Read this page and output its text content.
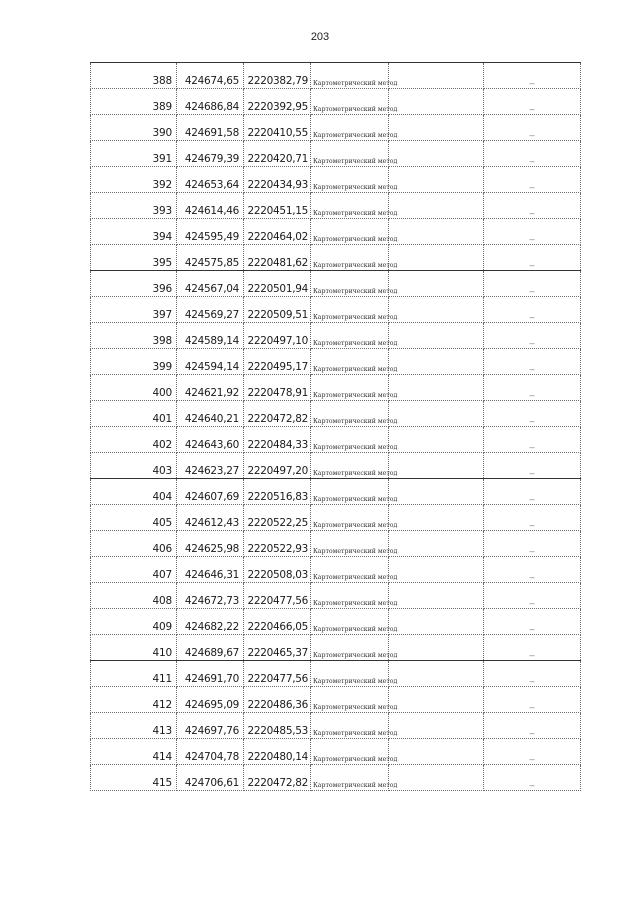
203
388	424674,65	2220382,79	Картометрический метод		–
389	424686,84	2220392,95	Картометрический метод		–
390	424691,58	2220410,55	Картометрический метод		–
391	424679,39	2220420,71	Картометрический метод		–
392	424653,64	2220434,93	Картометрический метод		–
393	424614,46	2220451,15	Картометрический метод		–
394	424595,49	2220464,02	Картометрический метод		–
395	424575,85	2220481,62	Картометрический метод		–
396	424567,04	2220501,94	Картометрический метод		–
397	424569,27	2220509,51	Картометрический метод		–
398	424589,14	2220497,10	Картометрический метод		–
399	424594,14	2220495,17	Картометрический метод		–
400	424621,92	2220478,91	Картометрический метод		–
401	424640,21	2220472,82	Картометрический метод		–
402	424643,60	2220484,33	Картометрический метод		–
403	424623,27	2220497,20	Картометрический метод		–
404	424607,69	2220516,83	Картометрический метод		–
405	424612,43	2220522,25	Картометрический метод		–
406	424625,98	2220522,93	Картометрический метод		–
407	424646,31	2220508,03	Картометрический метод		–
408	424672,73	2220477,56	Картометрический метод		–
409	424682,22	2220466,05	Картометрический метод		–
410	424689,67	2220465,37	Картометрический метод		–
411	424691,70	2220477,56	Картометрический метод		–
412	424695,09	2220486,36	Картометрический метод		–
413	424697,76	2220485,53	Картометрический метод		–
414	424704,78	2220480,14	Картометрический метод		–
415	424706,61	2220472,82	Картометрический метод		–
